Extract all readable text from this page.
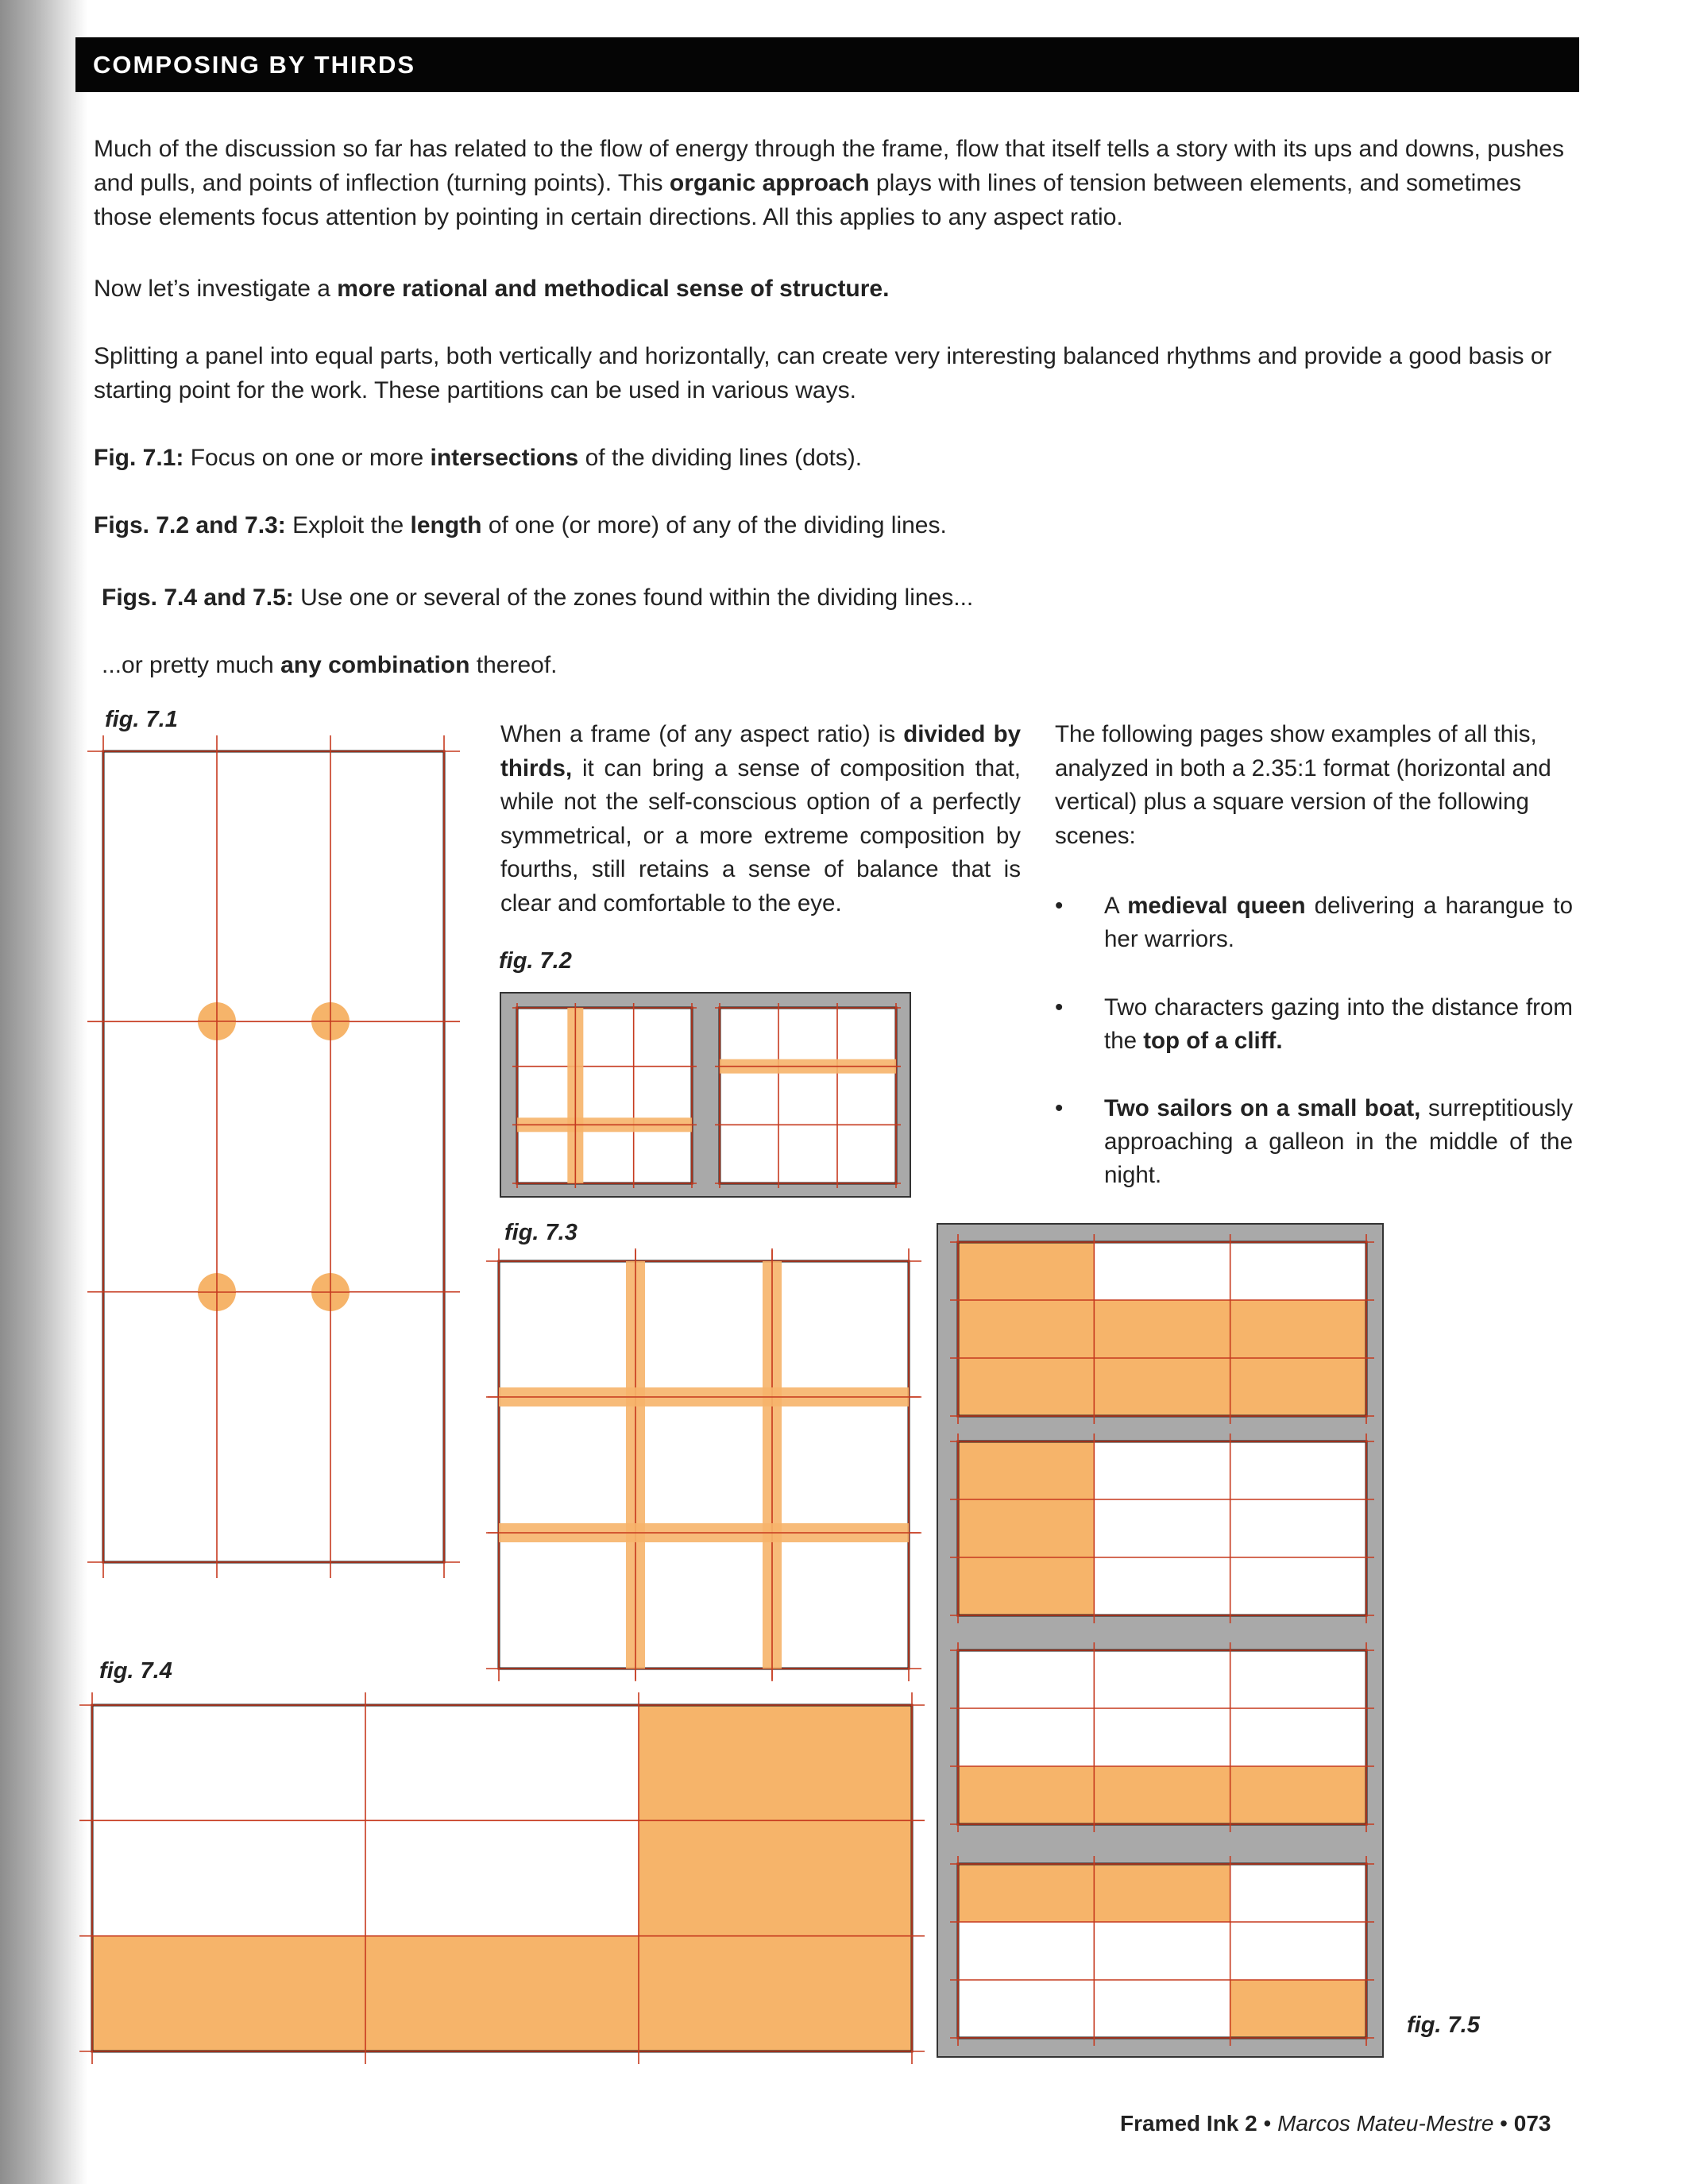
COMPOSING BY THIRDS
Much of the discussion so far has related to the flow of energy through the frame, flow that itself tells a story with its ups and downs, pushes and pulls, and points of inflection (turning points). This organic approach plays with lines of tension between elements, and sometimes those elements focus attention by pointing in certain directions. All this applies to any aspect ratio.
Now let’s investigate a more rational and methodical sense of structure.
Splitting a panel into equal parts, both vertically and horizontally, can create very interesting balanced rhythms and provide a good basis or starting point for the work. These partitions can be used in various ways.
Fig. 7.1: Focus on one or more intersections of the dividing lines (dots).
Figs. 7.2 and 7.3: Exploit the length of one (or more) of any of the dividing lines.
Figs. 7.4 and 7.5: Use one or several of the zones found within the dividing lines...
...or pretty much any combination thereof.
When a frame (of any aspect ratio) is divided by thirds, it can bring a sense of composition that, while not the self-conscious option of a perfectly symmetrical, or a more extreme composition by fourths, still retains a sense of balance that is clear and comfortable to the eye.
The following pages show examples of all this, analyzed in both a 2.35:1 format (horizontal and vertical) plus a square version of the following scenes:
• A medieval queen delivering a harangue to her warriors.
• Two characters gazing into the distance from the top of a cliff.
• Two sailors on a small boat, surreptitiously approaching a galleon in the middle of the night.
fig. 7.1
fig. 7.2
fig. 7.3
fig. 7.4
fig. 7.5
Framed Ink 2 • Marcos Mateu-Mestre • 073
